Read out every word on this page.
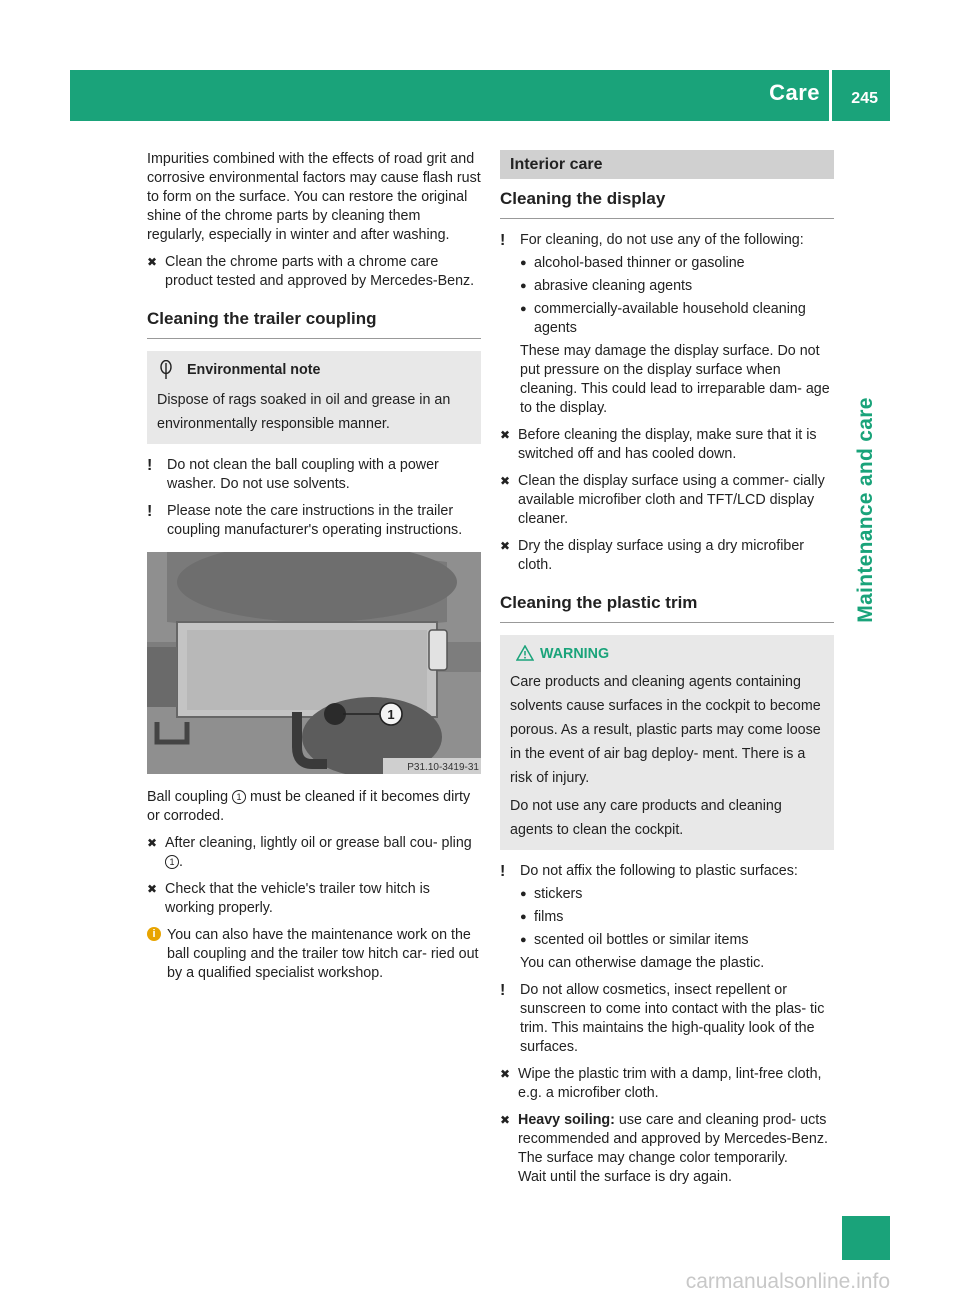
Care 245
Maintenance and care

Impurities combined with the effects of road grit and corrosive environmental factors may cause flash rust to form on the surface. You can restore the original shine of the chrome parts by cleaning them regularly, especially in winter and after washing.

✖ Clean the chrome parts with a chrome care product tested and approved by Mercedes-Benz.
Cleaning the trailer coupling
Environmental note
Dispose of rags soaked in oil and grease in an environmentally responsible manner.
! Do not clean the ball coupling with a power washer. Do not use solvents.
! Please note the care instructions in the trailer coupling manufacturer's operating instructions.
1
P31.10-3419-31

Ball coupling 1 must be cleaned if it becomes dirty or corroded.

✖ After cleaning, lightly oil or grease ball cou- pling 1 .
✖ Check that the vehicle's trailer tow hitch is working properly.
i You can also have the maintenance work on the ball coupling and the trailer tow hitch car- ried out by a qualified specialist workshop.
Interior care
Cleaning the display
! For cleaning, do not use any of the following:
● alcohol-based thinner or gasoline
● abrasive cleaning agents
● commercially-available household cleaning agents

These may damage the display surface. Do not put pressure on the display surface when cleaning. This could lead to irreparable dam- age to the display.

✖ Before cleaning the display, make sure that it is switched off and has cooled down.
✖ Clean the display surface using a commer- cially available microfiber cloth and TFT/LCD display cleaner.
✖ Dry the display surface using a dry microfiber cloth.
Cleaning the plastic trim
WARNING
Care products and cleaning agents containing solvents cause surfaces in the cockpit to become porous. As a result, plastic parts may come loose in the event of air bag deploy- ment. There is a risk of injury.
Do not use any care products and cleaning agents to clean the cockpit.
! Do not affix the following to plastic surfaces:
● stickers
● films
● scented oil bottles or similar items

You can otherwise damage the plastic.

! Do not allow cosmetics, insect repellent or sunscreen to come into contact with the plas- tic trim. This maintains the high-quality look of the surfaces.
✖ Wipe the plastic trim with a damp, lint-free cloth, e.g. a microfiber cloth.
✖ Heavy soiling: use care and cleaning prod- ucts recommended and approved by Mercedes-Benz.
The surface may change color temporarily.
Wait until the surface is dry again.
carmanualsonline.info
